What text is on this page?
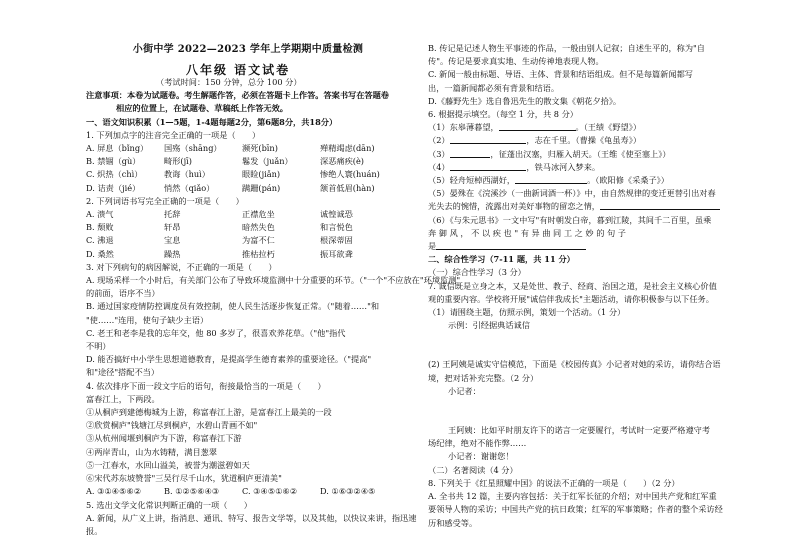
小街中学 2022—2023 学年上学期期中质量检测
八年级 语文试卷
（考试时间：150 分钟，总分 100 分）
注意事项：本卷为试题卷。考生解题作答，必须在答题卡上作答。答案书写在答题卷
相应的位置上，在试题卷、草稿纸上作答无效。
一、语文知识积累（1—5题，1-4题每题2分，第6题8分，共18分）
1. 下列加点字的注音完全正确的一项是（　　）
A. 屏息（bǐng）	国殇（shāng）	濒死(bīn)	殚精竭虑(dān)
B. 禁锢（gù）	畸形(jī)	鬈发（juǎn）	深恶痛疾(è)
C. 炽热（chì）	教诲（huì）	眼睑(jiǎn)	惨绝人寰(huán)
D. 诘责（jié）	悄然（qiǎo）	蹒跚(pán)	颔首低眉(hàn)
2. 下列词语书写完全正确的一项是（　　）
A. 溃气	托辞	正襟危坐	诚惶诚恐
B. 颓败	轩昂	暗然失色	和言悦色
C. 沸退	宝息	为富不仁	根深蒂固
D. 桑然	躁热	推枯拉朽	振耳欲聋
3. 对下列病句的病因解说，不正确的一项是（　　）
A. 现场采样一个小时后，有关部门公布了导致环境监测中十分重要的环节。（"一个"不应放在"环境监测"
的前面，语序不当）
B. 通过国家疫情防控调度员有效控制，使人民生活逐步恢复正常。（"随着……"和
"使……"连用，使句子缺少主语）
C. 老王和老李是我的忘年交，他 80 多岁了，很喜欢养花草。（"他"指代
不明）
D. 能否搞好中小学生思想道德教育，是提高学生德育素养的重要途径。（"提高"
和"途径"搭配不当）
4. 依次排序下面一段文字后的语句，衔接最恰当的一项是（　　）
富春江上，下两段。
①从桐庐到建德梅城为上游，称富春江上游，是富春江上最美的一段
②欣赏桐庐"钱塘江尽到桐庐，水碧山青画不如"
③从杭州闻堰到桐庐为下游，称富春江下游
④两岸青山，山为水铸精，满目葱翠
⑤一江春水，水回山溢美，被誉为潮滋碧如天
⑥宋代苏东坡赞誉"三吴行尽千山水，犹道桐庐更清美"
A. ③①④⑤⑥②	B. ①②⑤⑥④③	C. ③④⑤①⑥②	D. ①⑥③②④⑤
5. 选出文学文化常识判断正确的一项（　　）
A. 新闻，从广义上讲，指消息、通讯、特写、报告文学等，以及其他，以快议来讲，指迅速
报。
B. 传记是记述人物生平事迹的作品，一般由别人记叙；自述生平的，称为"自
传"。传记是要求真实地、生动传神地表现人物。
C. 新闻一般由标题、导语、主体、背景和结语组成。但不是每篇新闻都写
出，一篇新闻都必须有背景和结语。
D.《藤野先生》选自鲁迅先生的散文集《朝花夕拾》。
6. 根据提示填空。（每空 1 分，共 8 分）
（1）东皋薄暮望，	。（王绩《野望》）
（2）	，志在千里。（曹操《龟虽寿》）
（3）	，征蓬出汉塞，归雁入胡天。（王维《使至塞上》）
（4）	，铁马冰河入梦来。
（5）轻舟短棹西湖好，	。（欧阳修《采桑子》）
（5）晏殊在《浣溪沙（一曲新词酒一杯）》中，由自然规律的变迁更替引出对春
光失去的惋惜，流露出对美好事物的留恋之情，
（6）《与朱元思书》一文中写"有时朝发白帝，暮到江陵，其间千二百里，虽乘
奔 御 风 ， 不 以 疾 也 " 有 异 曲 同 工 之 妙 的 句 子
是
二、综合性学习（7-11 题，共 11 分）
（一）综合性学习（3 分）
7. 诚信既是立身之本，又是处世、教子、经商、治国之道，是社会主义核心价值
观的重要内容。学校将开展"诚信伴我成长"主题活动，请你积极参与以下任务。
（1）请围绕主题，仿照示例，策划一个活动。（1 分）
示例：引经据典话诚信
(2) 王阿姨是诚实守信模范，下面是《校园传真》小记者对她的采访，请你结合语
境，把对话补充完整。（2 分）
小记者：
王阿姨：比如平时朋友许下的诺言一定要履行，考试时一定要严格遵守考
场纪律，绝对不能作弊……
小记者：谢谢您！
（二）名著阅读（4 分）
8. 下列关于《红星照耀中国》的说法不正确的一项是（　　）（2 分）
A. 全书共 12 篇，主要内容包括：关于红军长征的介绍；对中国共产党和红军重
要领导人物的采访；中国共产党的抗日政策；红军的军事策略；作者的整个采访经
历和感受等。
